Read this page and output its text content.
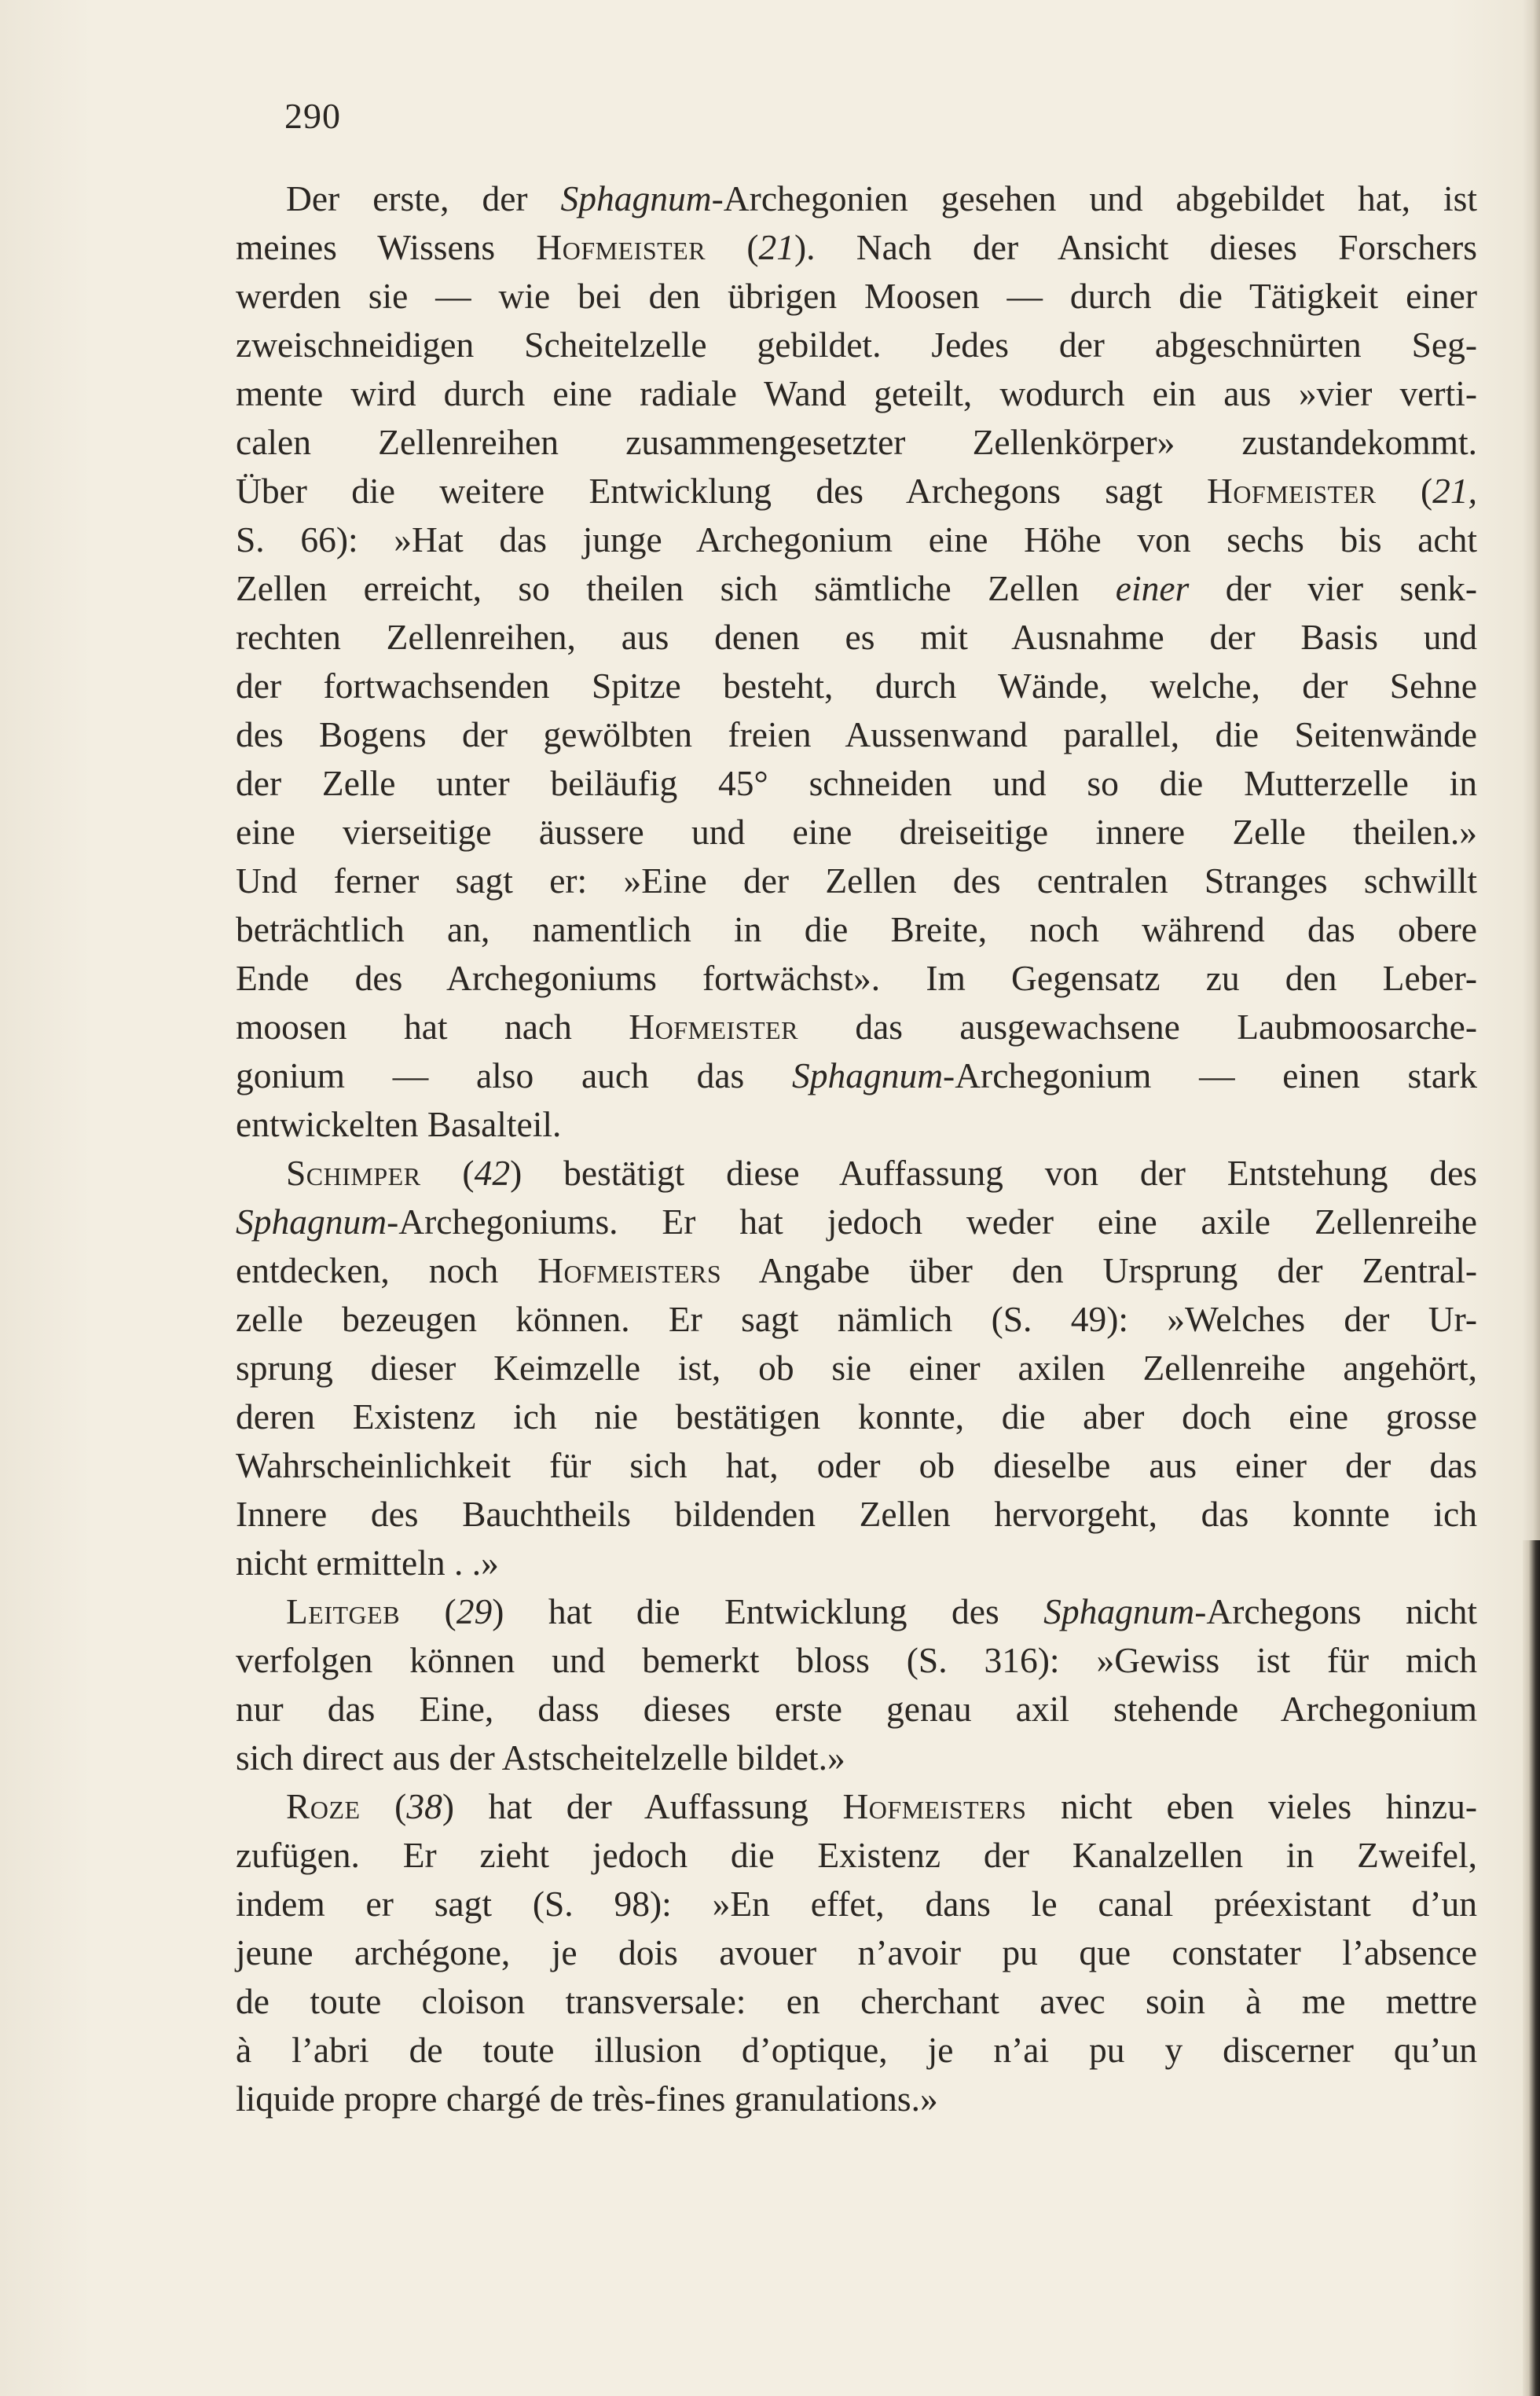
290

Der erste, der Sphagnum-Archegonien gesehen und abgebildet hat, ist
meines Wissens Hofmeister (21). Nach der Ansicht dieses Forschers
werden sie — wie bei den übrigen Moosen — durch die Tätigkeit einer
zweischneidigen Scheitelzelle gebildet. Jedes der abgeschnürten Seg-
mente wird durch eine radiale Wand geteilt, wodurch ein aus »vier verti-
calen Zellenreihen zusammengesetzter Zellenkörper» zustandekommt.
Über die weitere Entwicklung des Archegons sagt Hofmeister (21,
S. 66): »Hat das junge Archegonium eine Höhe von sechs bis acht
Zellen erreicht, so theilen sich sämtliche Zellen einer der vier senk-
rechten Zellenreihen, aus denen es mit Ausnahme der Basis und
der fortwachsenden Spitze besteht, durch Wände, welche, der Sehne
des Bogens der gewölbten freien Aussenwand parallel, die Seitenwände
der Zelle unter beiläufig 45° schneiden und so die Mutterzelle in
eine vierseitige äussere und eine dreiseitige innere Zelle theilen.»
Und ferner sagt er: »Eine der Zellen des centralen Stranges schwillt
beträchtlich an, namentlich in die Breite, noch während das obere
Ende des Archegoniums fortwächst». Im Gegensatz zu den Leber-
moosen hat nach Hofmeister das ausgewachsene Laubmoosarche-
gonium — also auch das Sphagnum-Archegonium — einen stark
entwickelten Basalteil.

Schimper (42) bestätigt diese Auffassung von der Entstehung des
Sphagnum-Archegoniums. Er hat jedoch weder eine axile Zellenreihe
entdecken, noch Hofmeisters Angabe über den Ursprung der Zentral-
zelle bezeugen können. Er sagt nämlich (S. 49): »Welches der Ur-
sprung dieser Keimzelle ist, ob sie einer axilen Zellenreihe angehört,
deren Existenz ich nie bestätigen konnte, die aber doch eine grosse
Wahrscheinlichkeit für sich hat, oder ob dieselbe aus einer der das
Innere des Bauchtheils bildenden Zellen hervorgeht, das konnte ich
nicht ermitteln . .»

Leitgeb (29) hat die Entwicklung des Sphagnum-Archegons nicht
verfolgen können und bemerkt bloss (S. 316): »Gewiss ist für mich
nur das Eine, dass dieses erste genau axil stehende Archegonium
sich direct aus der Astscheitelzelle bildet.»

Roze (38) hat der Auffassung Hofmeisters nicht eben vieles hinzu-
zufügen. Er zieht jedoch die Existenz der Kanalzellen in Zweifel,
indem er sagt (S. 98): »En effet, dans le canal préexistant d’un
jeune archégone, je dois avouer n’avoir pu que constater l’absence
de toute cloison transversale: en cherchant avec soin à me mettre
à l’abri de toute illusion d’optique, je n’ai pu y discerner qu’un
liquide propre chargé de très-fines granulations.»
